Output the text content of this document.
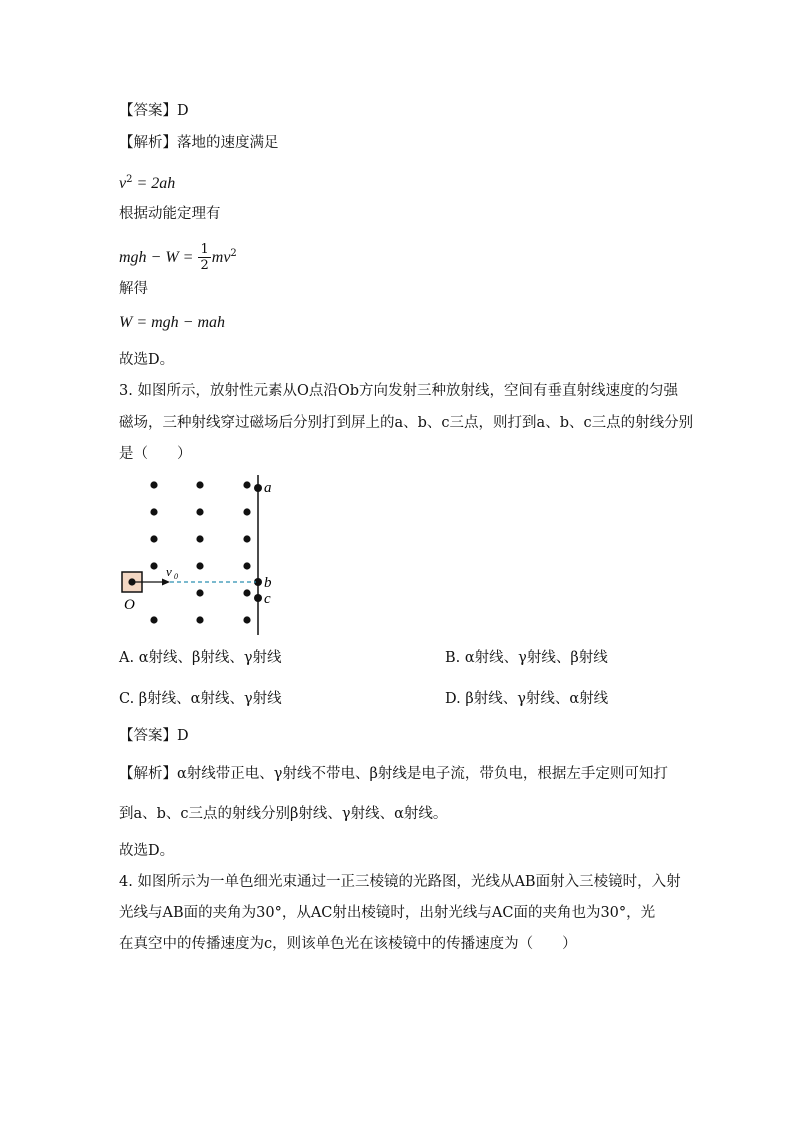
【答案】D
【解析】落地的速度满足
$v^2 = 2ah$
根据动能定理有
mgh − $W = \frac{1}{2} mv^2$
解得
W = mgh − mah
故选D。
3. 如图所示，放射性元素从O点沿Ob方向发射三种放射线，空间有垂直射线速度的匀强
磁场，三种射线穿过磁场后分别打到屏上的a、b、c三点，则打到a、b、c三点的射线分别
是（　　）
a
b
c
O
v 0
A. α射线、β射线、γ射线	B. α射线、γ射线、β射线
C. β射线、α射线、γ射线	D. β射线、γ射线、α射线
【答案】D
【解析】α射线带正电、γ射线不带电、β射线是电子流，带负电，根据左手定则可知打
到a、b、c三点的射线分别β射线、γ射线、α射线。
故选D。
4. 如图所示为一单色细光束通过一正三棱镜的光路图，光线从AB面射入三棱镜时，入射
光线与AB面的夹角为30°，从AC射出棱镜时，出射光线与AC面的夹角也为30°，光
在真空中的传播速度为c，则该单色光在该棱镜中的传播速度为（　　）
